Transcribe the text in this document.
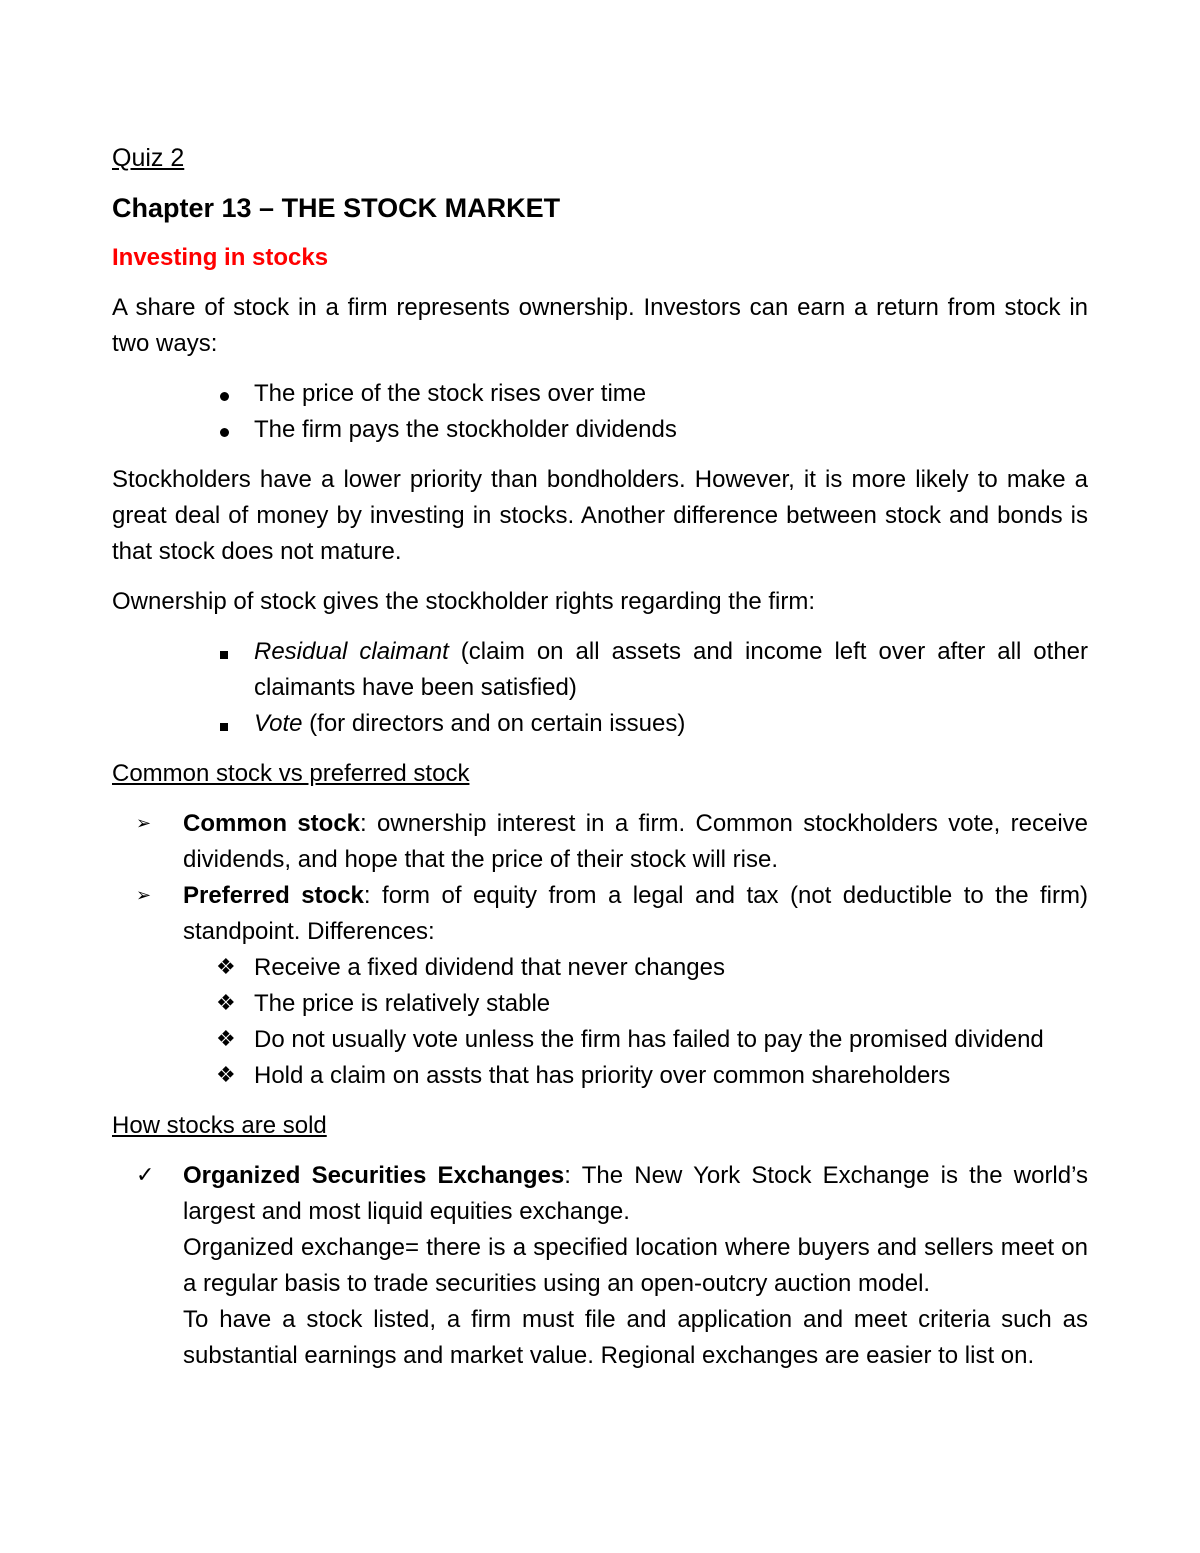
Quiz 2

Chapter 13 – THE STOCK MARKET

Investing in stocks

A share of stock in a firm represents ownership. Investors can earn a return from stock in two ways:

The price of the stock rises over time
The firm pays the stockholder dividends

Stockholders have a lower priority than bondholders. However, it is more likely to make a great deal of money by investing in stocks. Another difference between stock and bonds is that stock does not mature.

Ownership of stock gives the stockholder rights regarding the firm:

Residual claimant (claim on all assets and income left over after all other claimants have been satisfied)
Vote (for directors and on certain issues)

Common stock vs preferred stock

➢	Common stock: ownership interest in a firm. Common stockholders vote, receive dividends, and hope that the price of their stock will rise.
➢	Preferred stock: form of equity from a legal and tax (not deductible to the firm) standpoint. Differences:
❖ Receive a fixed dividend that never changes
❖ The price is relatively stable
❖ Do not usually vote unless the firm has failed to pay the promised dividend
❖ Hold a claim on assts that has priority over common shareholders

How stocks are sold

✓	Organized Securities Exchanges: The New York Stock Exchange is the world’s largest and most liquid equities exchange.

Organized exchange= there is a specified location where buyers and sellers meet on a regular basis to trade securities using an open-outcry auction model.

To have a stock listed, a firm must file and application and meet criteria such as substantial earnings and market value. Regional exchanges are easier to list on.
